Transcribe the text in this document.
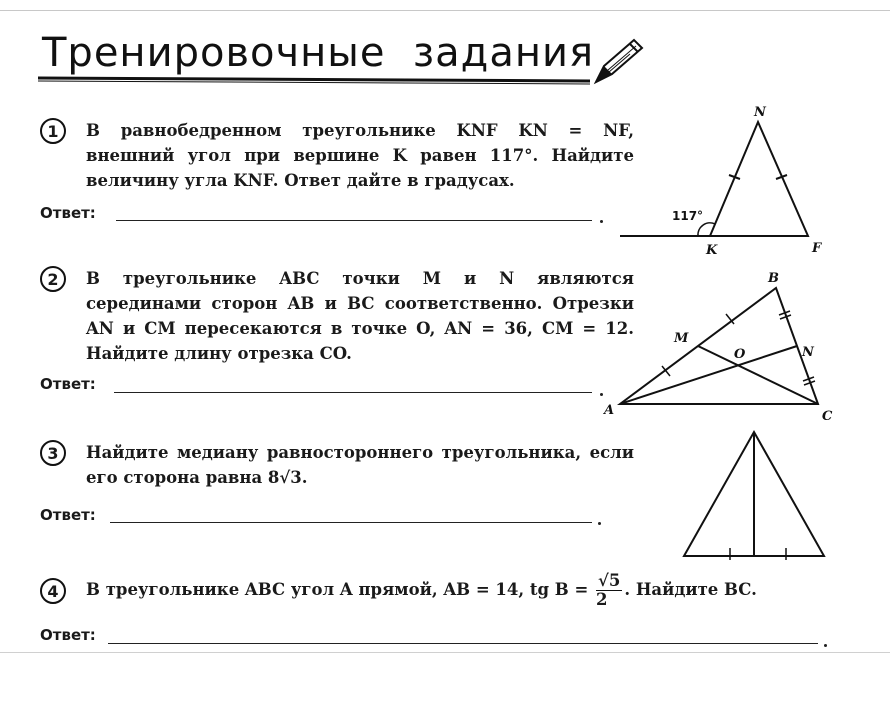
Тренировочные  задания
1	В равнобедренном треугольнике KNF KN = NF, внешний угол при вершине K равен 117°. Найдите величину угла KNF. Ответ дайте в градусах.
Ответ:	117°
N
K	F
2	В треугольнике ABC точки M и N являются серединами сторон AB и BC соответственно. Отрезки AN и CM пересекаются в точке O, AN = 36, CM = 12. Найдите длину отрезка CO.
Ответ:
A
B
C
M
N
O
3	Найдите медиану равностороннего треугольника, если его сторона равна 8√3.
Ответ:
4	В треугольнике ABC угол A прямой, AB = 14, tg $B = \frac{√5}{2}$ . Найдите BC.
Ответ:
